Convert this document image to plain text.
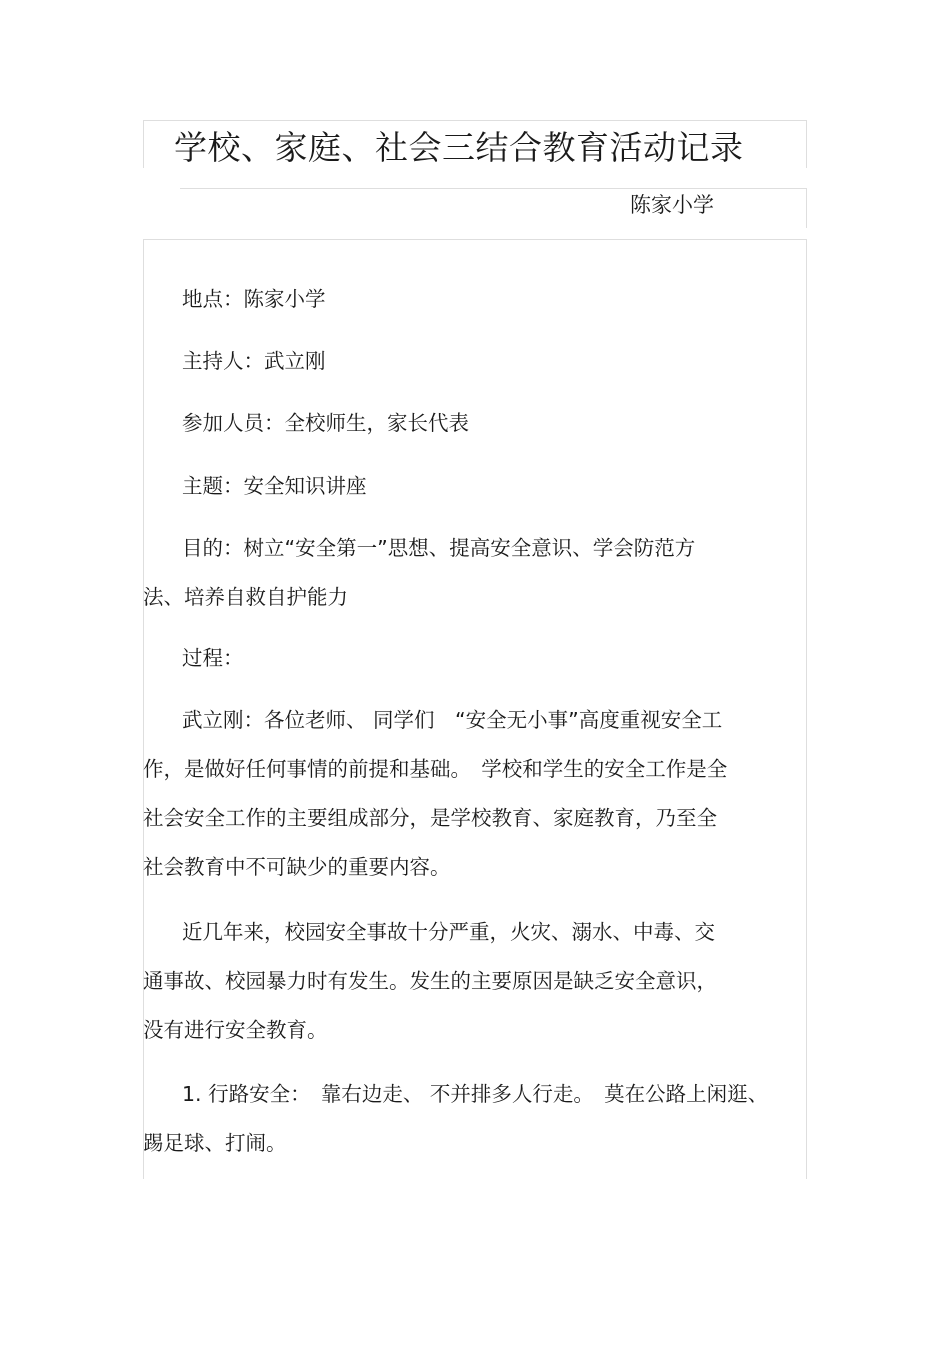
学校、家庭、社会三结合教育活动记录
陈家小学
地点：陈家小学
主持人：武立刚
参加人员：全校师生，家长代表
主题：安全知识讲座
目的：树立“安全第一”思想、提高安全意识、学会防范方
法、培养自救自护能力
过程：
武立刚：各位老师、 同学们　“安全无小事”高度重视安全工
作，是做好任何事情的前提和基础。　学校和学生的安全工作是全
社会安全工作的主要组成部分，是学校教育、家庭教育，乃至全
社会教育中不可缺少的重要内容。
近几年来，校园安全事故十分严重，火灾、溺水、中毒、交
通事故、校园暴力时有发生。发生的主要原因是缺乏安全意识，
没有进行安全教育。
1. 行路安全：　靠右边走、 不并排多人行走。　莫在公路上闲逛、
踢足球、打闹。
